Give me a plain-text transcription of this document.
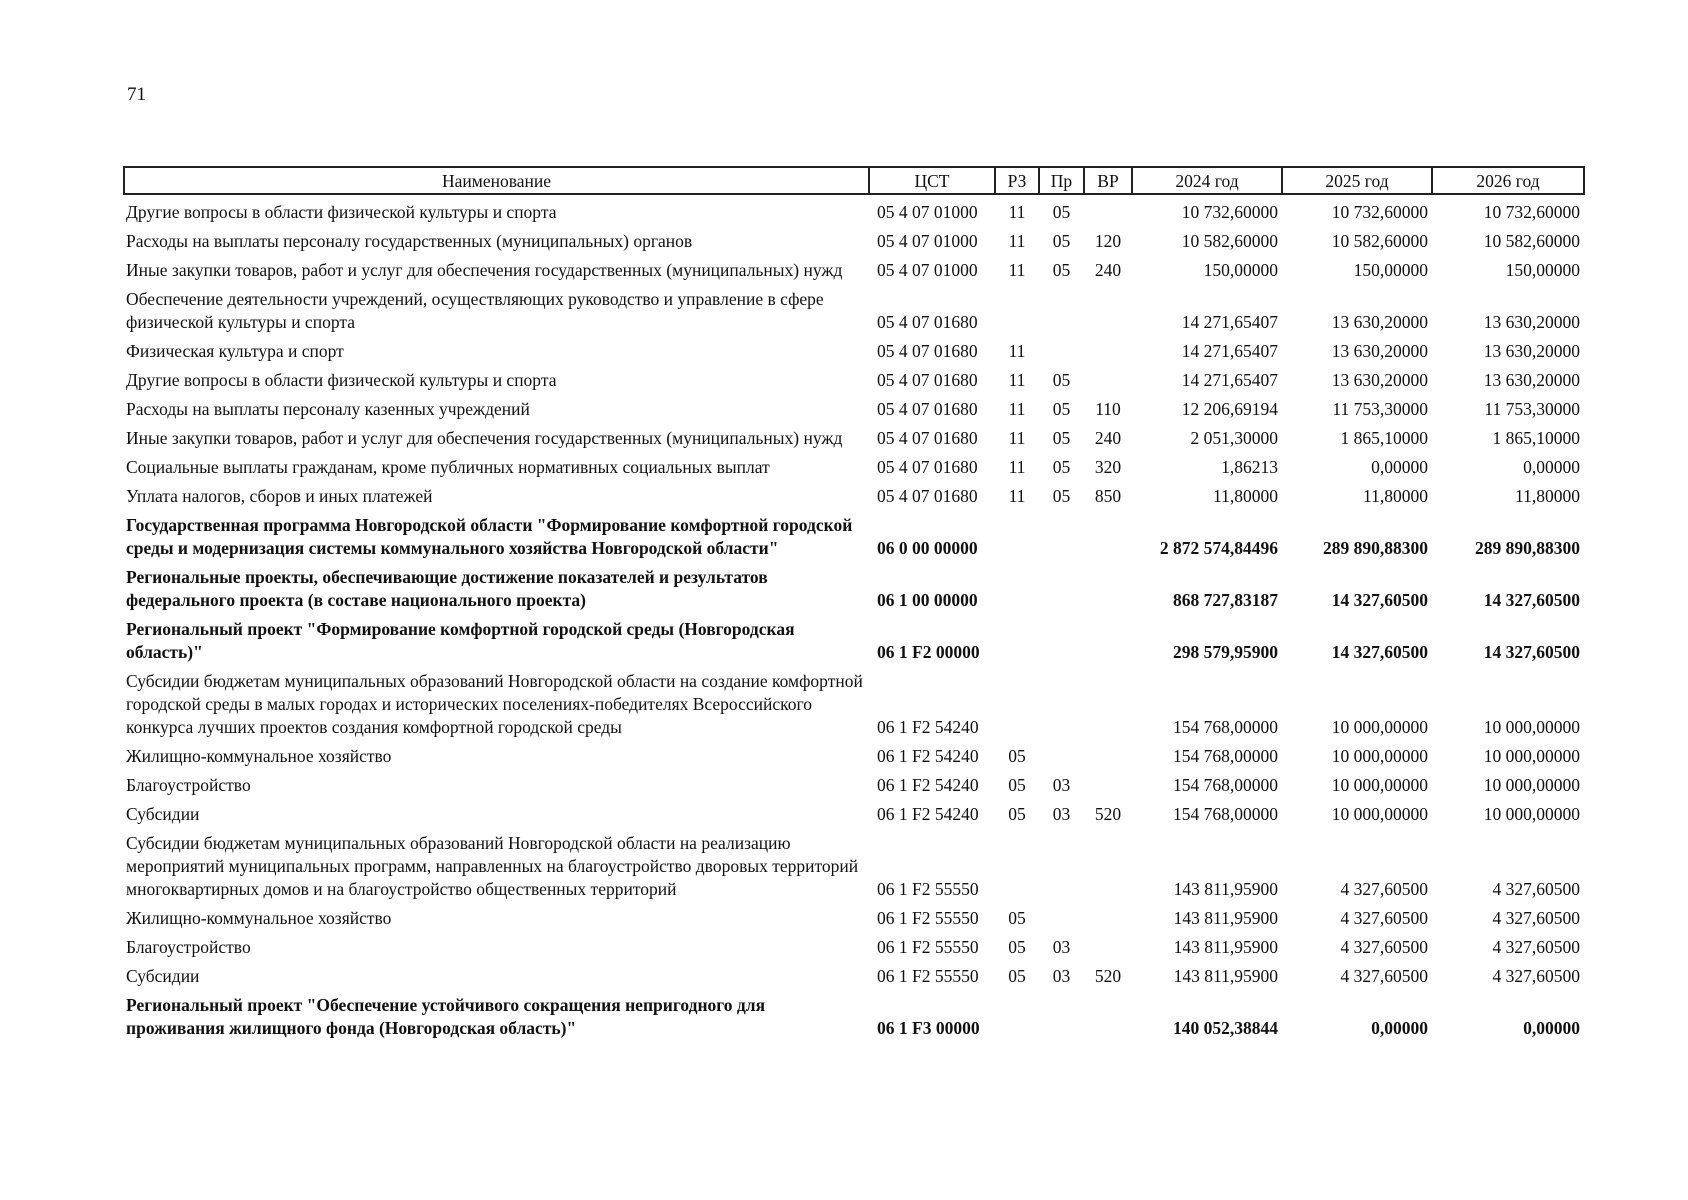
71
Наименование	ЦСТ	РЗ	Пр	ВР	2024 год	2025 год	2026 год
Другие вопросы в области физической культуры и спорта	05 4 07 01000	11	05		10 732,60000	10 732,60000	10 732,60000
Расходы на выплаты персоналу государственных (муниципальных) органов	05 4 07 01000	11	05	120	10 582,60000	10 582,60000	10 582,60000
Иные закупки товаров, работ и услуг для обеспечения государственных (муниципальных) нужд	05 4 07 01000	11	05	240	150,00000	150,00000	150,00000
Обеспечение деятельности учреждений, осуществляющих руководство и управление в сфере физической культуры и спорта	05 4 07 01680				14 271,65407	13 630,20000	13 630,20000
Физическая культура и спорт	05 4 07 01680	11			14 271,65407	13 630,20000	13 630,20000
Другие вопросы в области физической культуры и спорта	05 4 07 01680	11	05		14 271,65407	13 630,20000	13 630,20000
Расходы на выплаты персоналу казенных учреждений	05 4 07 01680	11	05	110	12 206,69194	11 753,30000	11 753,30000
Иные закупки товаров, работ и услуг для обеспечения государственных (муниципальных) нужд	05 4 07 01680	11	05	240	2 051,30000	1 865,10000	1 865,10000
Социальные выплаты гражданам, кроме публичных нормативных социальных выплат	05 4 07 01680	11	05	320	1,86213	0,00000	0,00000
Уплата налогов, сборов и иных платежей	05 4 07 01680	11	05	850	11,80000	11,80000	11,80000
Государственная программа Новгородской области "Формирование комфортной городской среды и модернизация системы коммунального хозяйства Новгородской области"	06 0 00 00000				2 872 574,84496	289 890,88300	289 890,88300
Региональные проекты, обеспечивающие достижение показателей и результатов федерального проекта (в составе национального проекта)	06 1 00 00000				868 727,83187	14 327,60500	14 327,60500
Региональный проект "Формирование комфортной городской среды (Новгородская область)"	06 1 F2 00000				298 579,95900	14 327,60500	14 327,60500
Субсидии бюджетам муниципальных образований Новгородской области на создание комфортной городской среды в малых городах и исторических поселениях-победителях Всероссийского конкурса лучших проектов создания комфортной городской среды	06 1 F2 54240				154 768,00000	10 000,00000	10 000,00000
Жилищно-коммунальное хозяйство	06 1 F2 54240	05			154 768,00000	10 000,00000	10 000,00000
Благоустройство	06 1 F2 54240	05	03		154 768,00000	10 000,00000	10 000,00000
Субсидии	06 1 F2 54240	05	03	520	154 768,00000	10 000,00000	10 000,00000
Субсидии бюджетам муниципальных образований Новгородской области на реализацию мероприятий муниципальных программ, направленных на благоустройство дворовых территорий многоквартирных домов и на благоустройство общественных территорий	06 1 F2 55550				143 811,95900	4 327,60500	4 327,60500
Жилищно-коммунальное хозяйство	06 1 F2 55550	05			143 811,95900	4 327,60500	4 327,60500
Благоустройство	06 1 F2 55550	05	03		143 811,95900	4 327,60500	4 327,60500
Субсидии	06 1 F2 55550	05	03	520	143 811,95900	4 327,60500	4 327,60500
Региональный проект "Обеспечение устойчивого сокращения непригодного для проживания жилищного фонда (Новгородская область)"	06 1 F3 00000				140 052,38844	0,00000	0,00000
